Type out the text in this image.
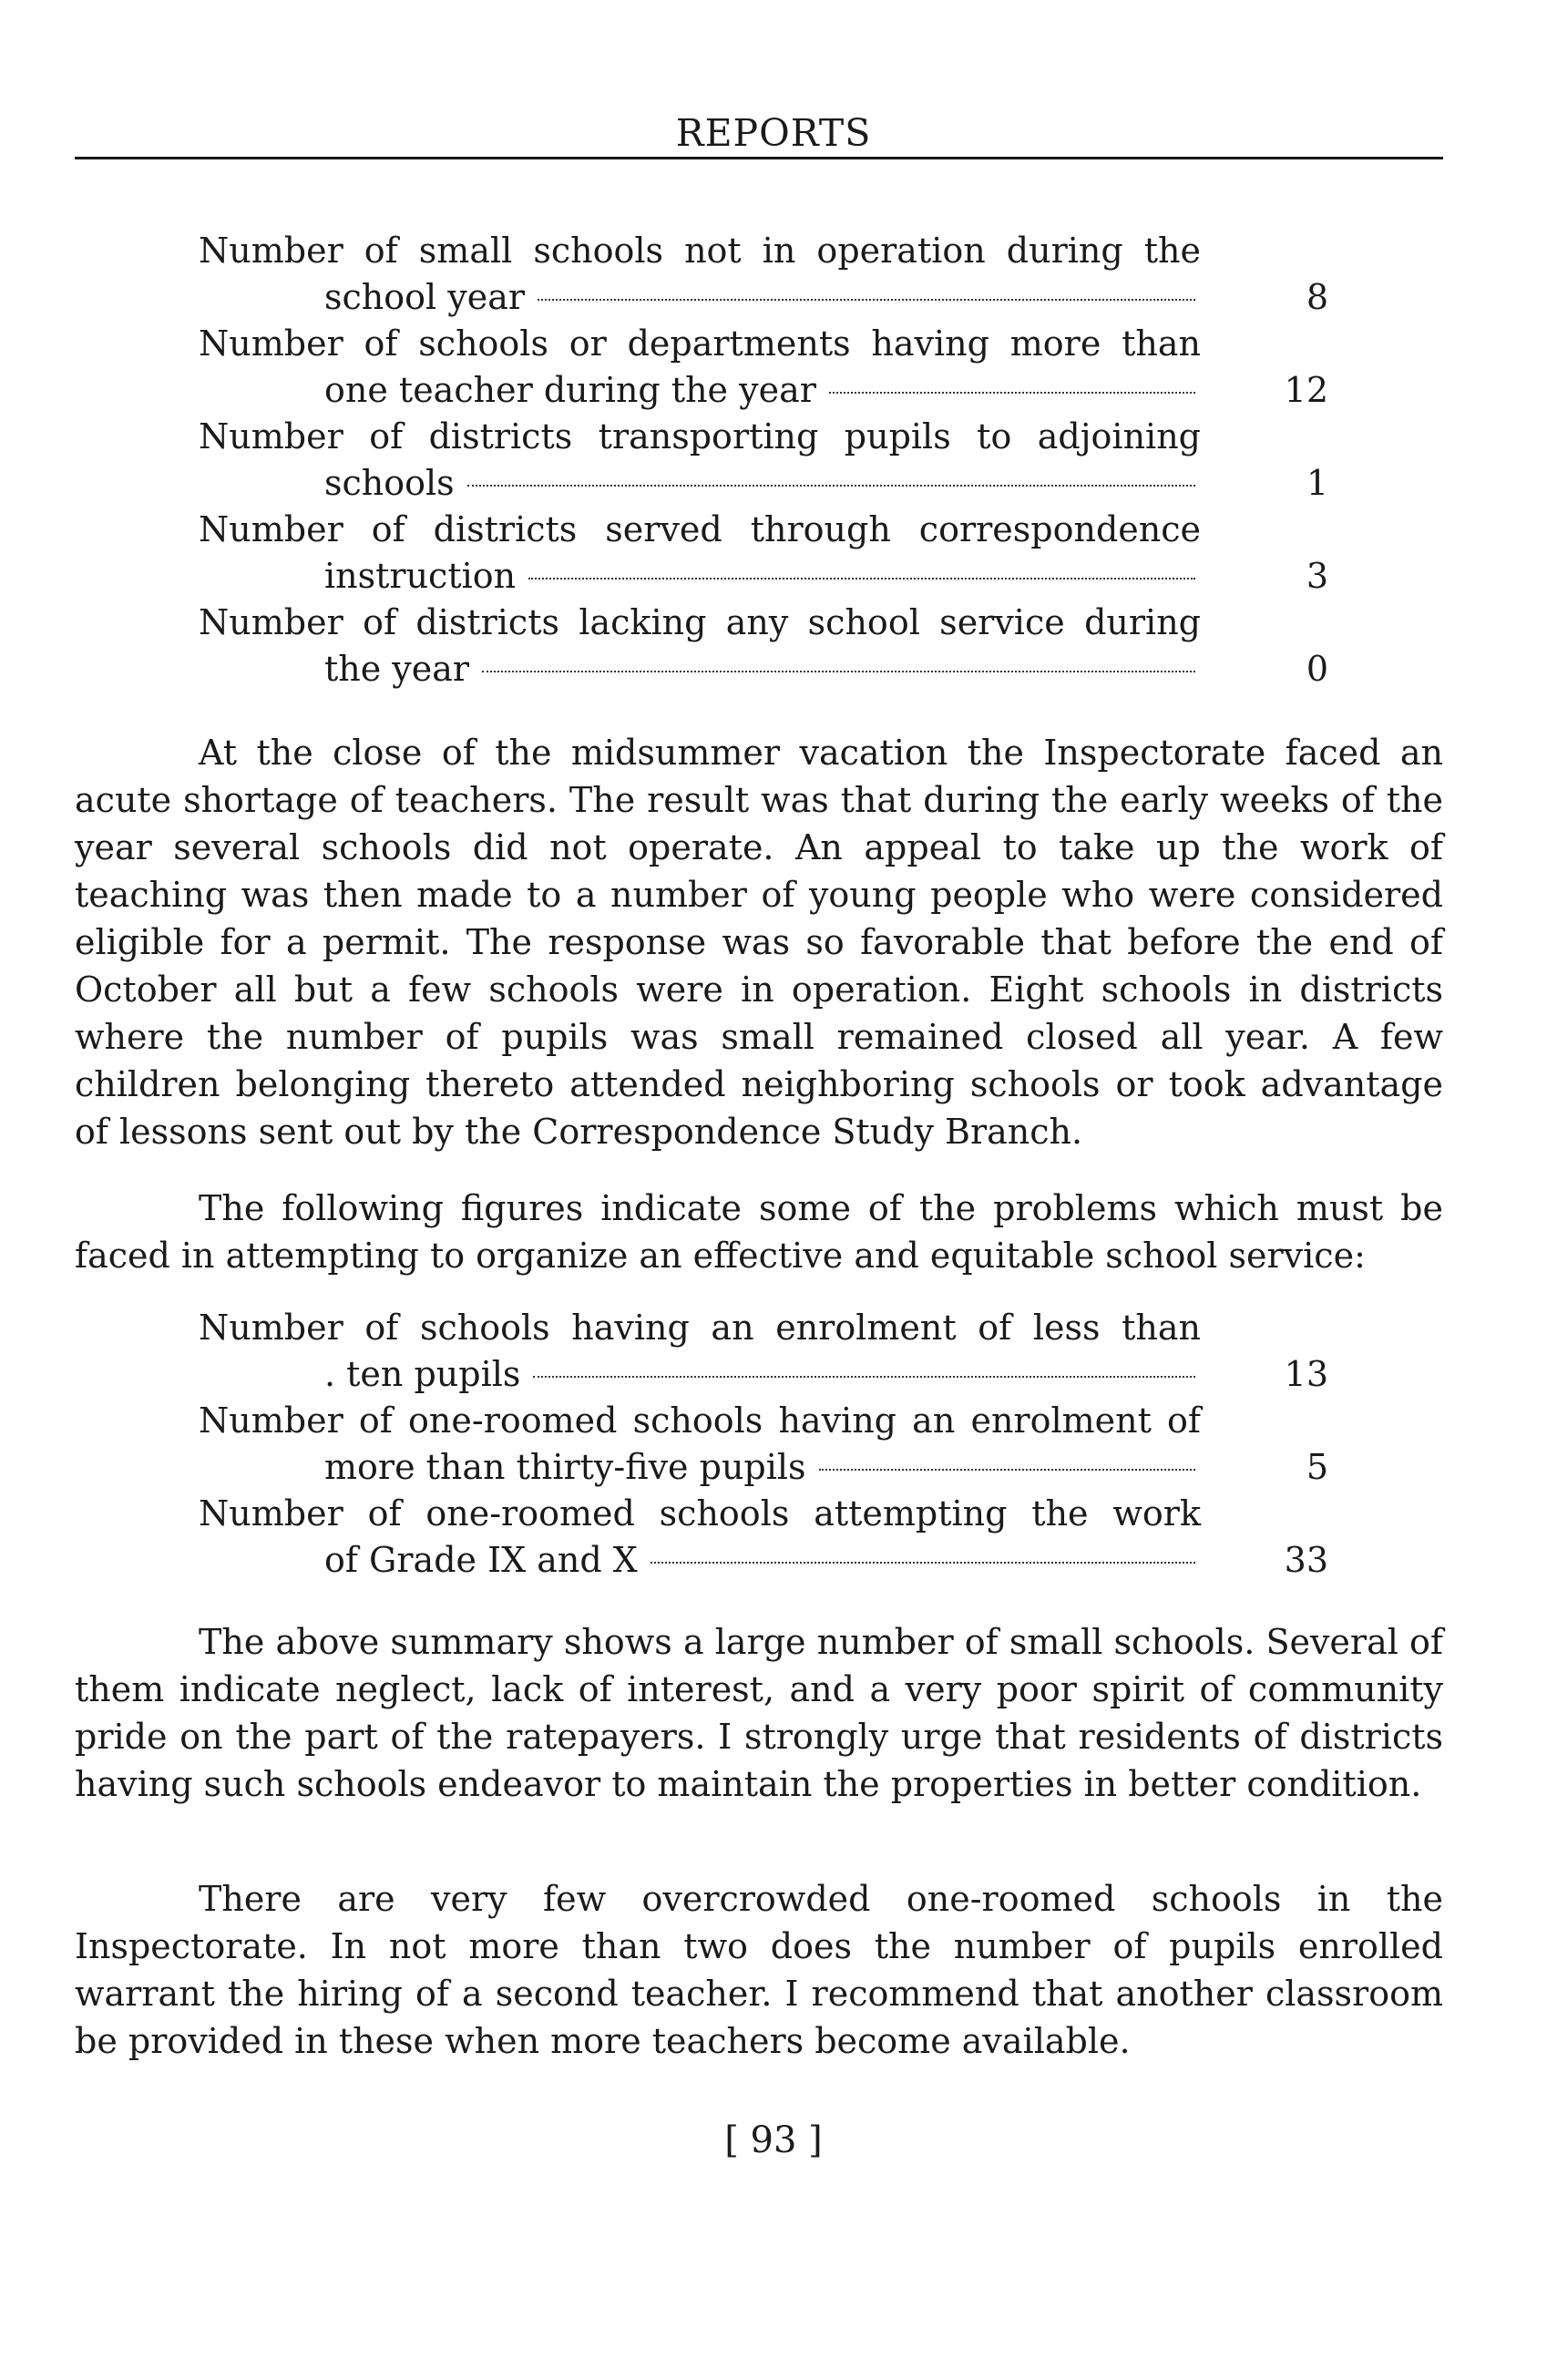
REPORTS
Number of small schools not in operation during the
school year	8
Number of schools or departments having more than
one teacher during the year	12
Number of districts transporting pupils to adjoining
schools	1
Number of districts served through correspondence
instruction	3
Number of districts lacking any school service during
the year	0

At the close of the midsummer vacation the Inspectorate faced an acute shortage of teachers. The result was that during the early weeks of the year several schools did not operate. An appeal to take up the work of teaching was then made to a number of young people who were considered eligible for a permit. The response was so favorable that before the end of October all but a few schools were in operation. Eight schools in districts where the number of pupils was small remained closed all year. A few children belonging thereto attended neighboring schools or took advantage of lessons sent out by the Correspondence Study Branch.

The following figures indicate some of the problems which must be faced in attempting to organize an effective and equitable school service:

Number of schools having an enrolment of less than
. ten pupils	13
Number of one-roomed schools having an enrolment of
more than thirty-five pupils	5
Number of one-roomed schools attempting the work
of Grade IX and X	33

The above summary shows a large number of small schools. Several of them indicate neglect, lack of interest, and a very poor spirit of community pride on the part of the ratepayers. I strongly urge that residents of districts having such schools endeavor to maintain the properties in better condition.

There are very few overcrowded one-roomed schools in the Inspectorate. In not more than two does the number of pupils enrolled warrant the hiring of a second teacher. I recommend that another classroom be provided in these when more teachers become available.

[ 93 ]
